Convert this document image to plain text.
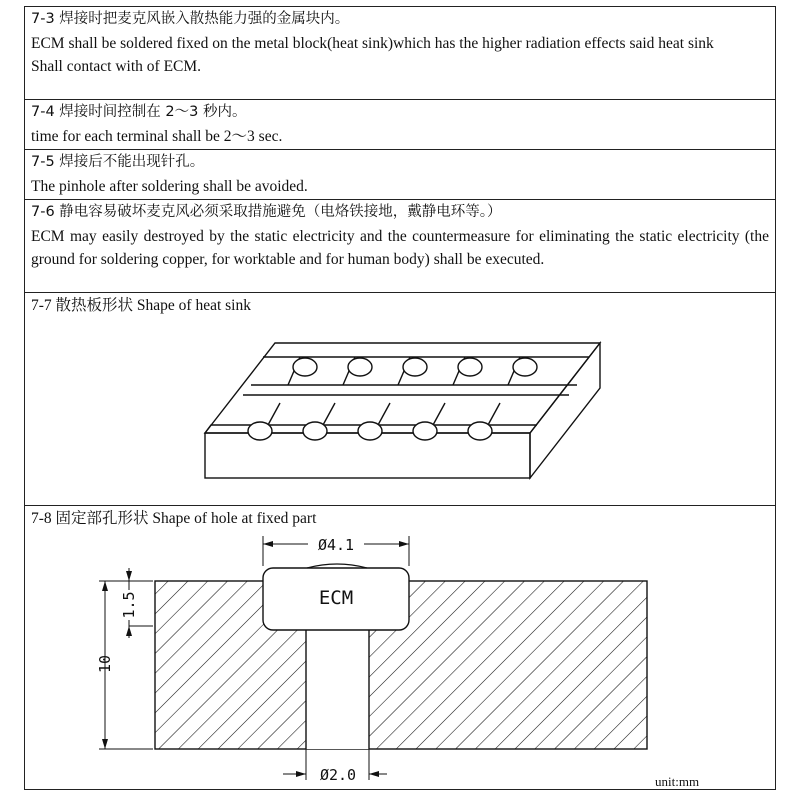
7-3 焊接时把麦克风嵌入散热能力强的金属块内。
ECM shall be soldered fixed on the metal block(heat sink)which has the higher radiation effects said heat sink
Shall contact with of ECM.
7-4 焊接时间控制在 2～3 秒内。
time for each terminal shall be 2～3 sec.
7-5 焊接后不能出现针孔。
The pinhole after soldering shall be avoided.
7-6 静电容易破坏麦克风必须采取措施避免（电烙铁接地，戴静电环等。）
ECM may easily destroyed by the static electricity and the countermeasure for eliminating the static electricity (the ground for soldering copper, for worktable and for human body) shall be executed.
7-7 散热板形状 Shape of heat sink
7-8 固定部孔形状 Shape of hole at fixed part
ECM
Ø4.1
10
1.5
Ø2.0	unit:mm
